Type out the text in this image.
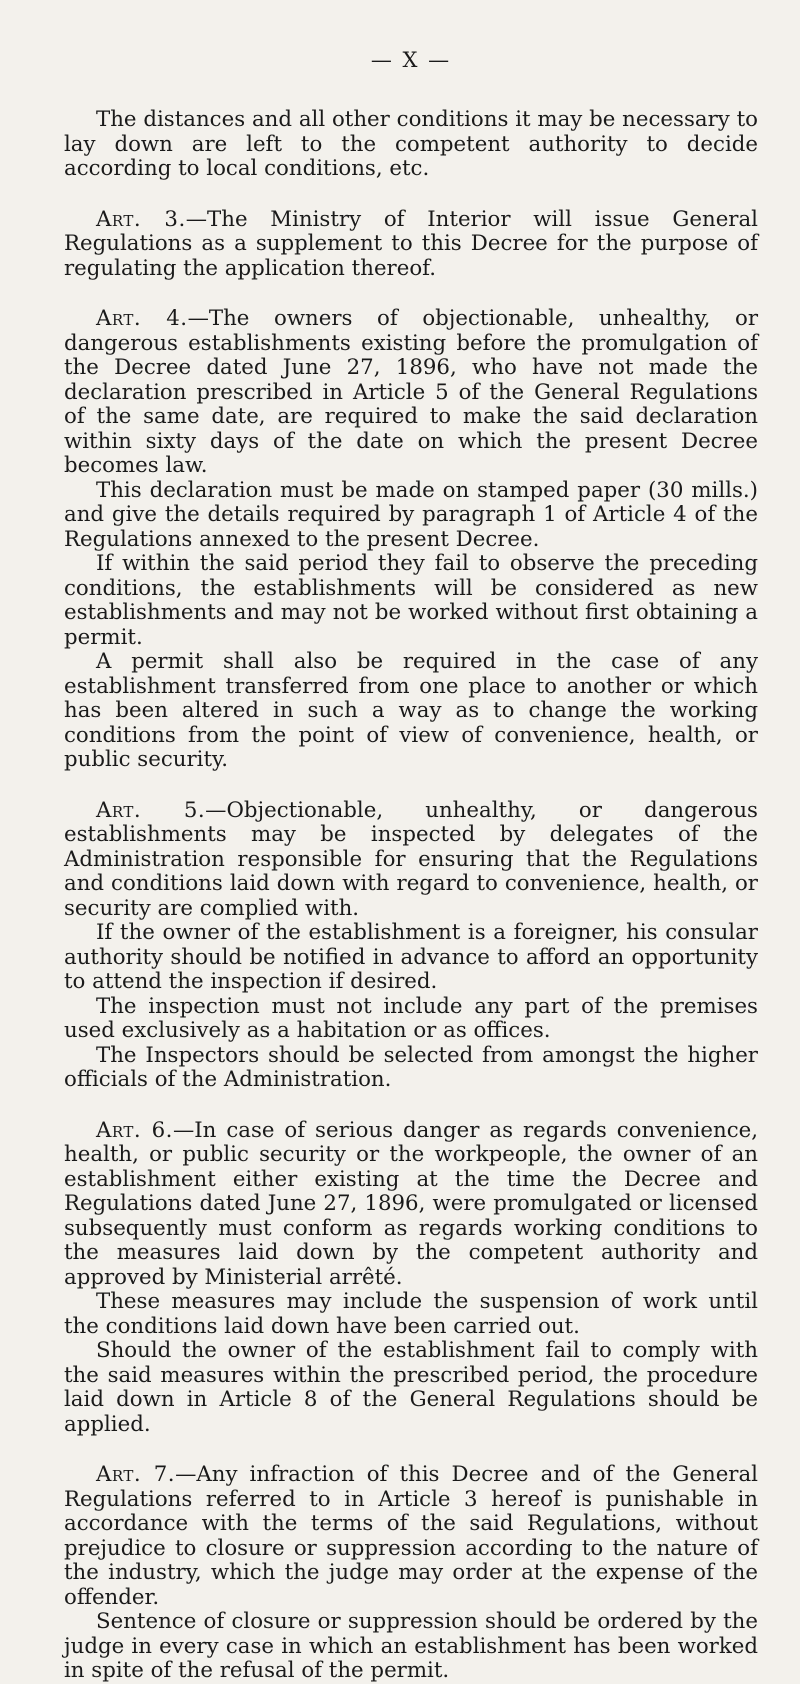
— X —

The distances and all other conditions it may be necessary to lay down are left to the competent authority to decide according to local conditions, etc.

Art. 3.—The Ministry of Interior will issue General Regulations as a supplement to this Decree for the purpose of regulating the application thereof.

Art. 4.—The owners of objectionable, unhealthy, or dangerous establishments existing before the promulgation of the Decree dated June 27, 1896, who have not made the declaration prescribed in Article 5 of the General Regulations of the same date, are required to make the said declaration within sixty days of the date on which the present Decree becomes law.

This declaration must be made on stamped paper (30 mills.) and give the details required by paragraph 1 of Article 4 of the Regulations annexed to the present Decree.

If within the said period they fail to observe the preceding conditions, the establishments will be considered as new establishments and may not be worked without first obtaining a permit.

A permit shall also be required in the case of any establishment transferred from one place to another or which has been altered in such a way as to change the working conditions from the point of view of convenience, health, or public security.

Art. 5.—Objectionable, unhealthy, or dangerous establishments may be inspected by delegates of the Administration responsible for ensuring that the Regulations and conditions laid down with regard to convenience, health, or security are complied with.

If the owner of the establishment is a foreigner, his consular authority should be notified in advance to afford an opportunity to attend the inspection if desired.

The inspection must not include any part of the premises used exclusively as a habitation or as offices.

The Inspectors should be selected from amongst the higher officials of the Administration.

Art. 6.—In case of serious danger as regards convenience, health, or public security or the workpeople, the owner of an establishment either existing at the time the Decree and Regulations dated June 27, 1896, were promulgated or licensed subsequently must conform as regards working conditions to the measures laid down by the competent authority and approved by Ministerial arrêté.

These measures may include the suspension of work until the conditions laid down have been carried out.

Should the owner of the establishment fail to comply with the said measures within the prescribed period, the procedure laid down in Article 8 of the General Regulations should be applied.

Art. 7.—Any infraction of this Decree and of the General Regulations referred to in Article 3 hereof is punishable in accordance with the terms of the said Regulations, without prejudice to closure or suppression according to the nature of the industry, which the judge may order at the expense of the offender.

Sentence of closure or suppression should be ordered by the judge in every case in which an establishment has been worked in spite of the refusal of the permit.
